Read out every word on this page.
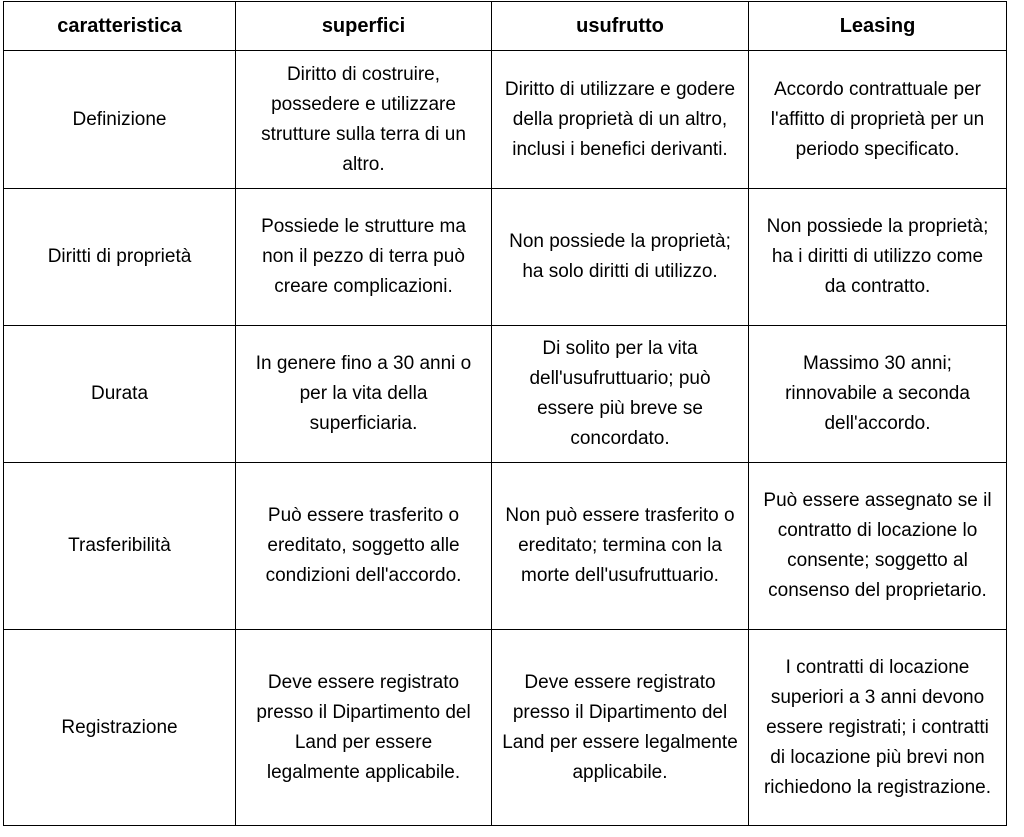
caratteristica	superfici	usufrutto	Leasing
Definizione	Diritto di costruire, possedere e utilizzare strutture sulla terra di un altro.	Diritto di utilizzare e godere della proprietà di un altro, inclusi i benefici derivanti.	Accordo contrattuale per l'affitto di proprietà per un periodo specificato.
Diritti di proprietà	Possiede le strutture ma non il pezzo di terra può creare complicazioni.	Non possiede la proprietà; ha solo diritti di utilizzo.	Non possiede la proprietà; ha i diritti di utilizzo come da contratto.
Durata	In genere fino a 30 anni o per la vita della superficiaria.	Di solito per la vita dell'usufruttuario; può essere più breve se concordato.	Massimo 30 anni; rinnovabile a seconda dell'accordo.
Trasferibilità	Può essere trasferito o ereditato, soggetto alle condizioni dell'accordo.	Non può essere trasferito o ereditato; termina con la morte dell'usufruttuario.	Può essere assegnato se il contratto di locazione lo consente; soggetto al consenso del proprietario.
Registrazione	Deve essere registrato presso il Dipartimento del Land per essere legalmente applicabile.	Deve essere registrato presso il Dipartimento del Land per essere legalmente applicabile.	I contratti di locazione superiori a 3 anni devono essere registrati; i contratti di locazione più brevi non richiedono la registrazione.
